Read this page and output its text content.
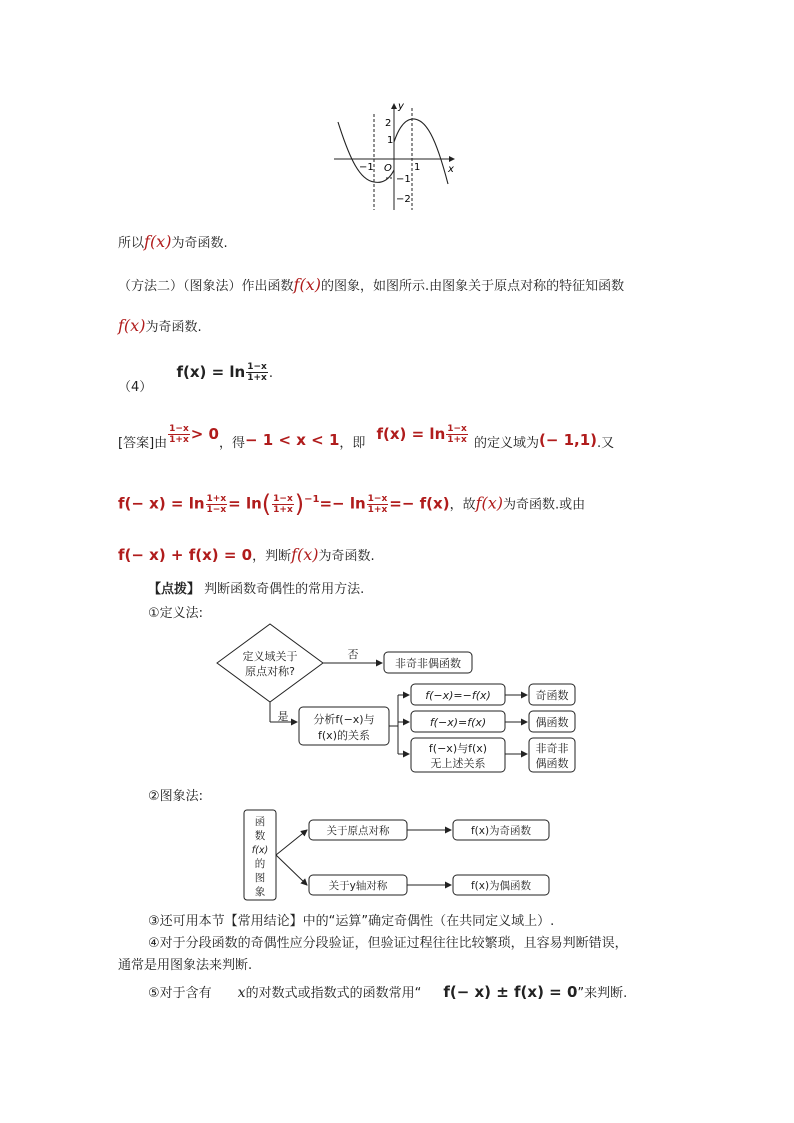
y
x
2
1
−1 O 1
−1
−2
所以f(x)为奇函数.
（方法二）（图象法）作出函数f(x)的图象，如图所示.由图象关于原点对称的特征知函数
f(x)为奇函数.
$_{(4)}$  $f(x) = \ln \frac{1-x}{1+x}$ .
$_{[答案]由} \frac{1-x}{1+x} > 0_{,得}- 1 < x < 1_{,即}$ $f(x) = \ln \frac{1-x}{1+x} _{的定义域为}(- 1,1)_{.又}$
$f(- x) = \ln \frac{1+x}{1-x} = \ln( \frac{1-x}{1+x} )^{-1}=- \ln \frac{1-x}{1+x} =- f(x)$，故f(x)为奇函数.或由
f(− x) + f(x) = 0，判断f(x)为奇函数.
【点拨】 判断函数奇偶性的常用方法.
①定义法:
定义域关于
原点对称?
否
非奇非偶函数
是 分析f(−x)与
f(x)的关系
f(−x)=−f(x)
f(−x)=f(x)
f(−x)与f(x)
无上述关系
奇函数
偶函数
非奇非
偶函数
②图象法:
函
数
f(x)
的
图
象
关于原点对称
关于y轴对称
f(x)为奇函数
f(x)为偶函数
③还可用本节【常用结论】中的“运算”确定奇偶性（在共同定义域上）.
④对于分段函数的奇偶性应分段验证，但验证过程往往比较繁琐，且容易判断错误，
通常是用图象法来判断.
⑤对于含有 x的对数式或指数式的函数常用“ f(− x) ± f(x) = 0”来判断.
